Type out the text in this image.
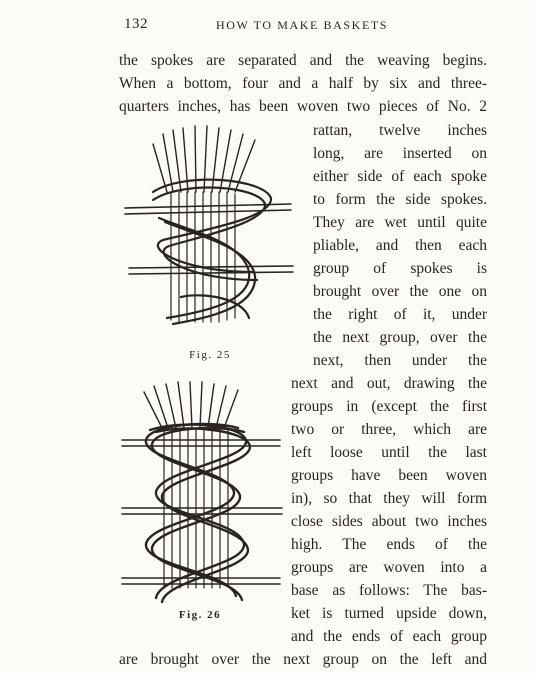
132	HOW TO MAKE BASKETS
the spokes are separated and the weaving begins.
When a bottom, four and a half by six and three-
quarters inches, has been woven two pieces of No. 2
rattan, twelve inches
long, are inserted on
either side of each spoke
to form the side spokes.
They are wet until quite
pliable, and then each
group of spokes is
brought over the one on
the right of it, under
the next group, over the
next, then under the
next and out, drawing the
groups in (except the first
two or three, which are
left loose until the last
groups have been woven
in), so that they will form
close sides about two inches
high. The ends of the
groups are woven into a
base as follows: The bas-
ket is turned upside down,
and the ends of each group
are brought over the next group on the left and
Fig. 25
Fig. 26
